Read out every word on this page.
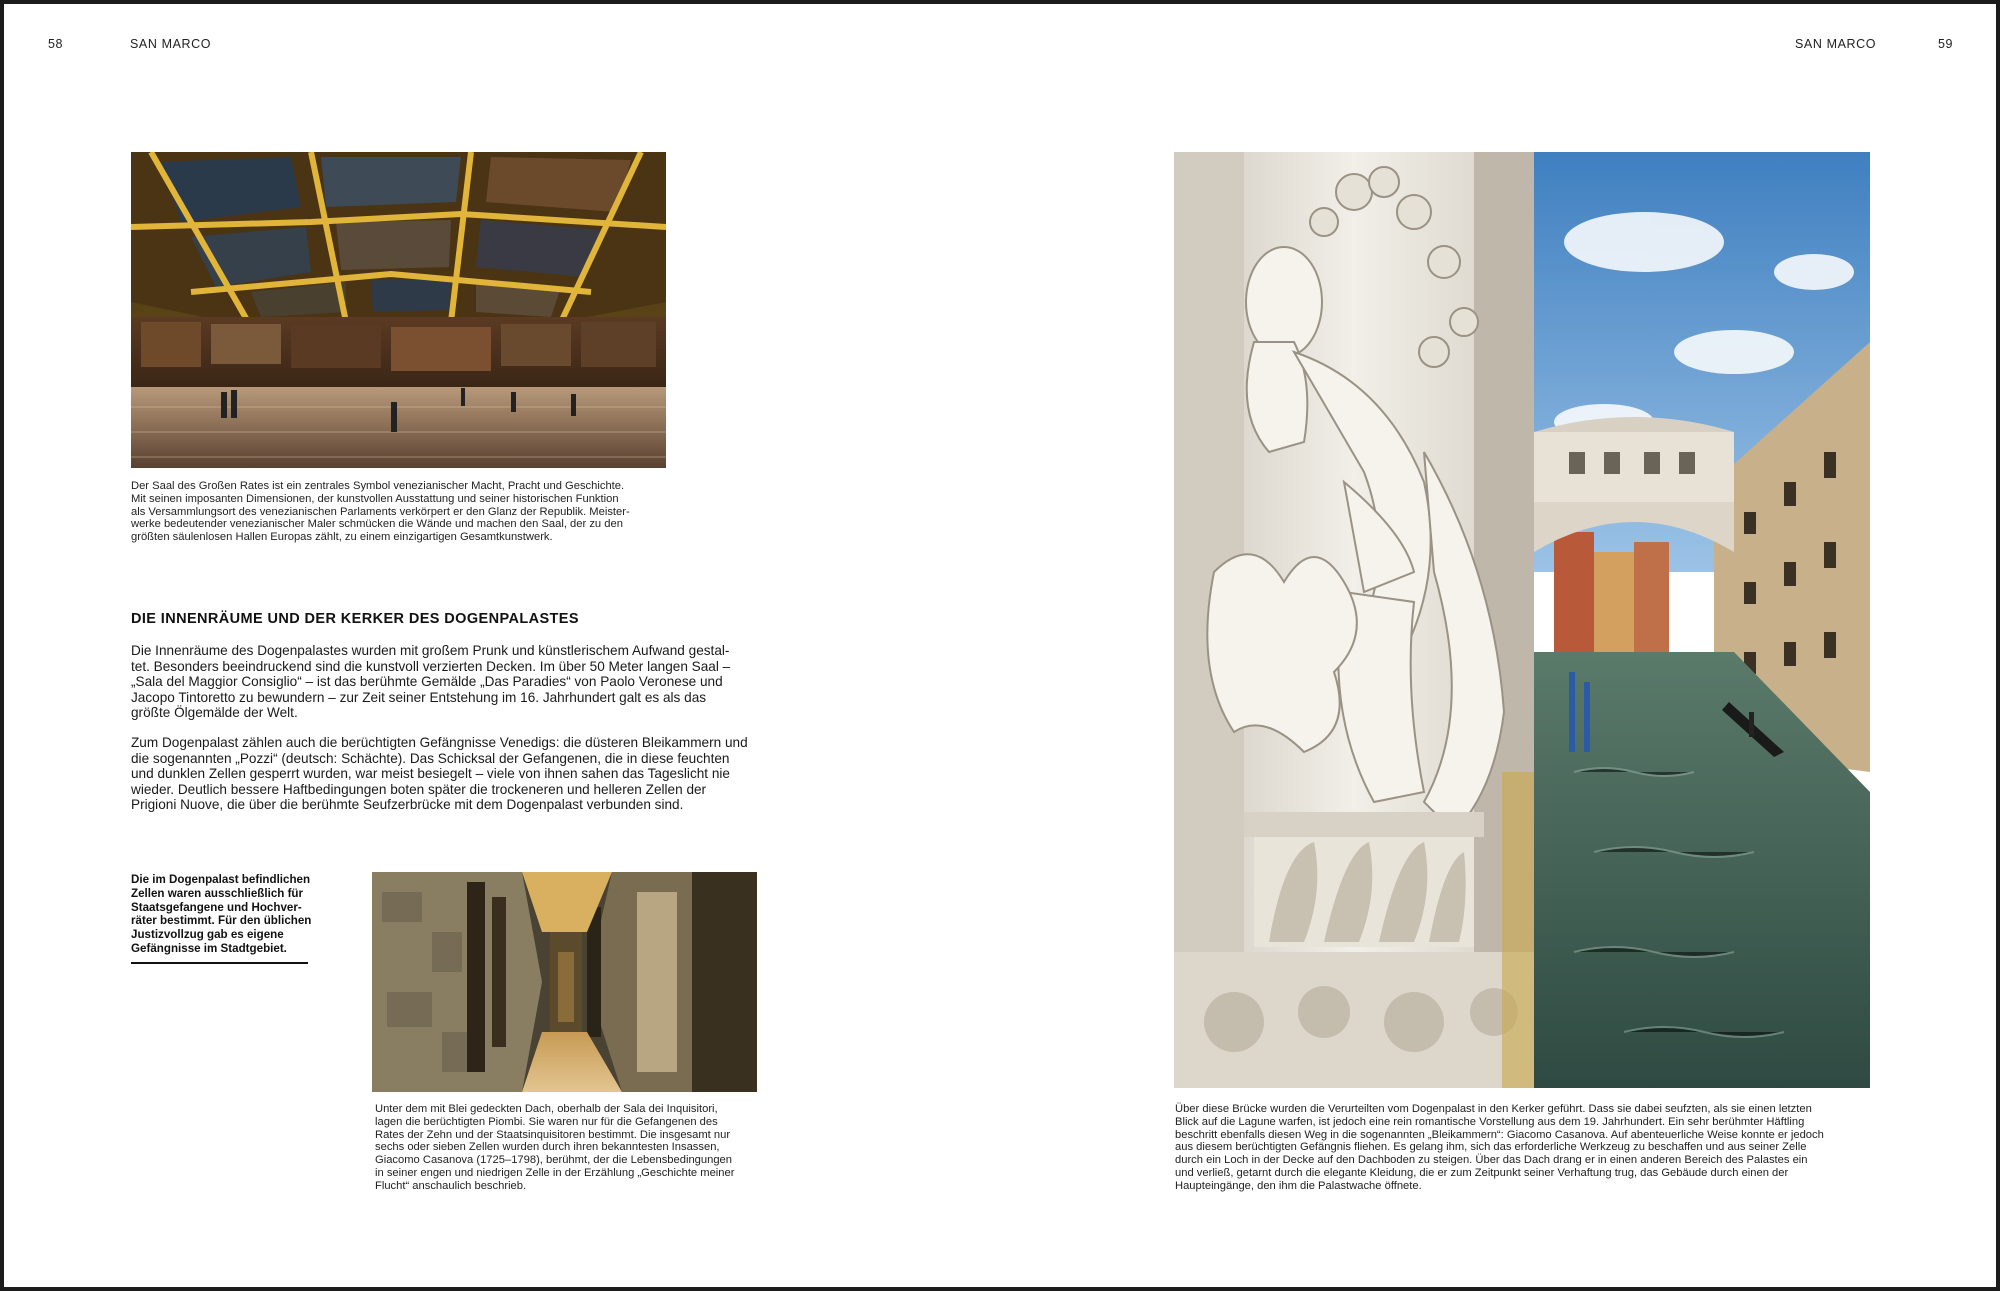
58	SAN MARCO
Der Saal des Großen Rates ist ein zentrales Symbol venezianischer Macht, Pracht und Geschichte.
Mit seinen imposanten Dimensionen, der kunstvollen Ausstattung und seiner historischen Funktion
als Versammlungsort des venezianischen Parlaments verkörpert er den Glanz der Republik. Meister-
werke bedeutender venezianischer Maler schmücken die Wände und machen den Saal, der zu den
größten säulenlosen Hallen Europas zählt, zu einem einzigartigen Gesamtkunstwerk.
DIE INNENRÄUME UND DER KERKER DES DOGENPALASTES
Die Innenräume des Dogenpalastes wurden mit großem Prunk und künstlerischem Aufwand gestal-
tet. Besonders beeindruckend sind die kunstvoll verzierten Decken. Im über 50 Meter langen Saal –
„Sala del Maggior Consiglio“ – ist das berühmte Gemälde „Das Paradies“ von Paolo Veronese und
Jacopo Tintoretto zu bewundern – zur Zeit seiner Entstehung im 16. Jahrhundert galt es als das
größte Ölgemälde der Welt.
Zum Dogenpalast zählen auch die berüchtigten Gefängnisse Venedigs: die düsteren Bleikammern und
die sogenannten „Pozzi“ (deutsch: Schächte). Das Schicksal der Gefangenen, die in diese feuchten
und dunklen Zellen gesperrt wurden, war meist besiegelt – viele von ihnen sahen das Tageslicht nie
wieder. Deutlich bessere Haftbedingungen boten später die trockeneren und helleren Zellen der
Prigioni Nuove, die über die berühmte Seufzerbrücke mit dem Dogenpalast verbunden sind.
Die im Dogenpalast befindlichen
Zellen waren ausschließlich für
Staatsgefangene und Hochver-
räter bestimmt. Für den üblichen
Justizvollzug gab es eigene
Gefängnisse im Stadtgebiet.
Unter dem mit Blei gedeckten Dach, oberhalb der Sala dei Inquisitori,
lagen die berüchtigten Piombi. Sie waren nur für die Gefangenen des
Rates der Zehn und der Staatsinquisitoren bestimmt. Die insgesamt nur
sechs oder sieben Zellen wurden durch ihren bekanntesten Insassen,
Giacomo Casanova (1725–1798), berühmt, der die Lebensbedingungen
in seiner engen und niedrigen Zelle in der Erzählung „Geschichte meiner
Flucht“ anschaulich beschrieb.
SAN MARCO	59
Über diese Brücke wurden die Verurteilten vom Dogenpalast in den Kerker geführt. Dass sie dabei seufzten, als sie einen letzten
Blick auf die Lagune warfen, ist jedoch eine rein romantische Vorstellung aus dem 19. Jahrhundert. Ein sehr berühmter Häftling
beschritt ebenfalls diesen Weg in die sogenannten „Bleikammern“: Giacomo Casanova. Auf abenteuerliche Weise konnte er jedoch
aus diesem berüchtigten Gefängnis fliehen. Es gelang ihm, sich das erforderliche Werkzeug zu beschaffen und aus seiner Zelle
durch ein Loch in der Decke auf den Dachboden zu steigen. Über das Dach drang er in einen anderen Bereich des Palastes ein
und verließ, getarnt durch die elegante Kleidung, die er zum Zeitpunkt seiner Verhaftung trug, das Gebäude durch einen der
Haupteingänge, den ihm die Palastwache öffnete.
